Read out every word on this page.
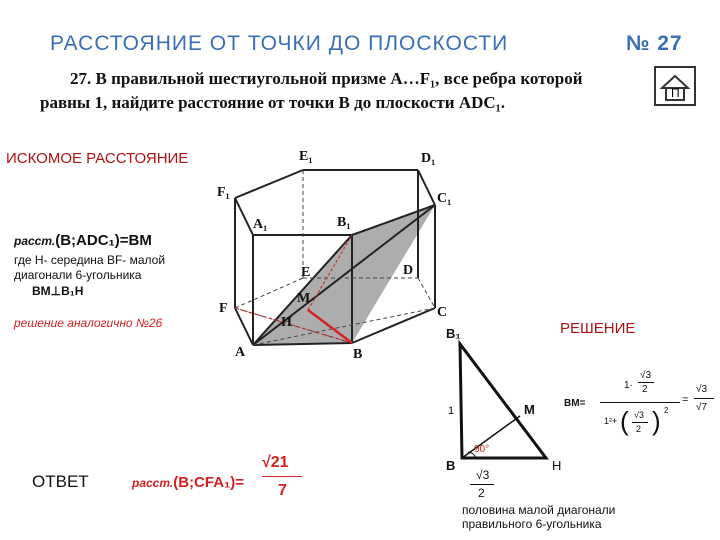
РАССТОЯНИЕ ОТ ТОЧКИ ДО ПЛОСКОСТИ	№ 27
27. В правильной шестиугольной призме A…F₁, все ребра которой
равны 1, найдите расстояние от точки B до плоскости ADC₁.	П
ИСКОМОЕ РАССТОЯНИЕ
РЕШЕНИЕ
ОТВЕТ
расст.(B;ADC₁)=BM
где H- середина BF- малой
диагонали 6-угольника
BM⊥B₁H
решение аналогично №26
расст.(B;CFA₁)=
√21
7
E₁	D₁
F₁	C₁
A₁	B₁
E	D
F	C
A	B
M
H
B₁
B	H
M
1
90°
√3
2
половина малой диагонали
правильного 6-угольника
BM=
1·
√3
2
1²+ ( √3
2 ) 2
=
√3
√7
